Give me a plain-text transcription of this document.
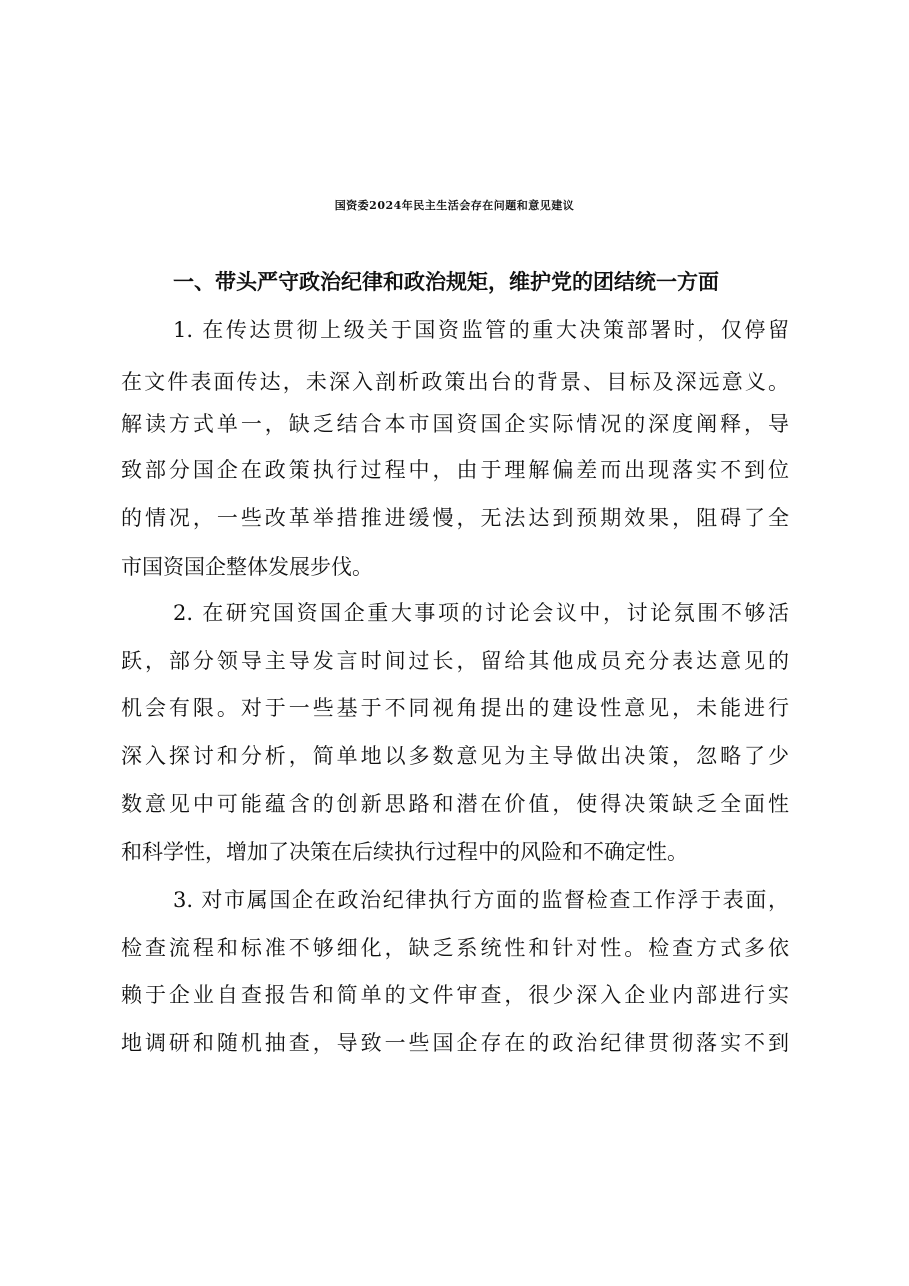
国资委2024年民主生活会存在问题和意见建议
一、带头严守政治纪律和政治规矩，维护党的团结统一方面
1. 在传达贯彻上级关于国资监管的重大决策部署时，仅停留
在文件表面传达，未深入剖析政策出台的背景、目标及深远意义。
解读方式单一，缺乏结合本市国资国企实际情况的深度阐释，导
致部分国企在政策执行过程中，由于理解偏差而出现落实不到位
的情况，一些改革举措推进缓慢，无法达到预期效果，阻碍了全
市国资国企整体发展步伐。
2. 在研究国资国企重大事项的讨论会议中，讨论氛围不够活
跃，部分领导主导发言时间过长，留给其他成员充分表达意见的
机会有限。对于一些基于不同视角提出的建设性意见，未能进行
深入探讨和分析，简单地以多数意见为主导做出决策，忽略了少
数意见中可能蕴含的创新思路和潜在价值，使得决策缺乏全面性
和科学性，增加了决策在后续执行过程中的风险和不确定性。
3. 对市属国企在政治纪律执行方面的监督检查工作浮于表面，
检查流程和标准不够细化，缺乏系统性和针对性。检查方式多依
赖于企业自查报告和简单的文件审查，很少深入企业内部进行实
地调研和随机抽查，导致一些国企存在的政治纪律贯彻落实不到
